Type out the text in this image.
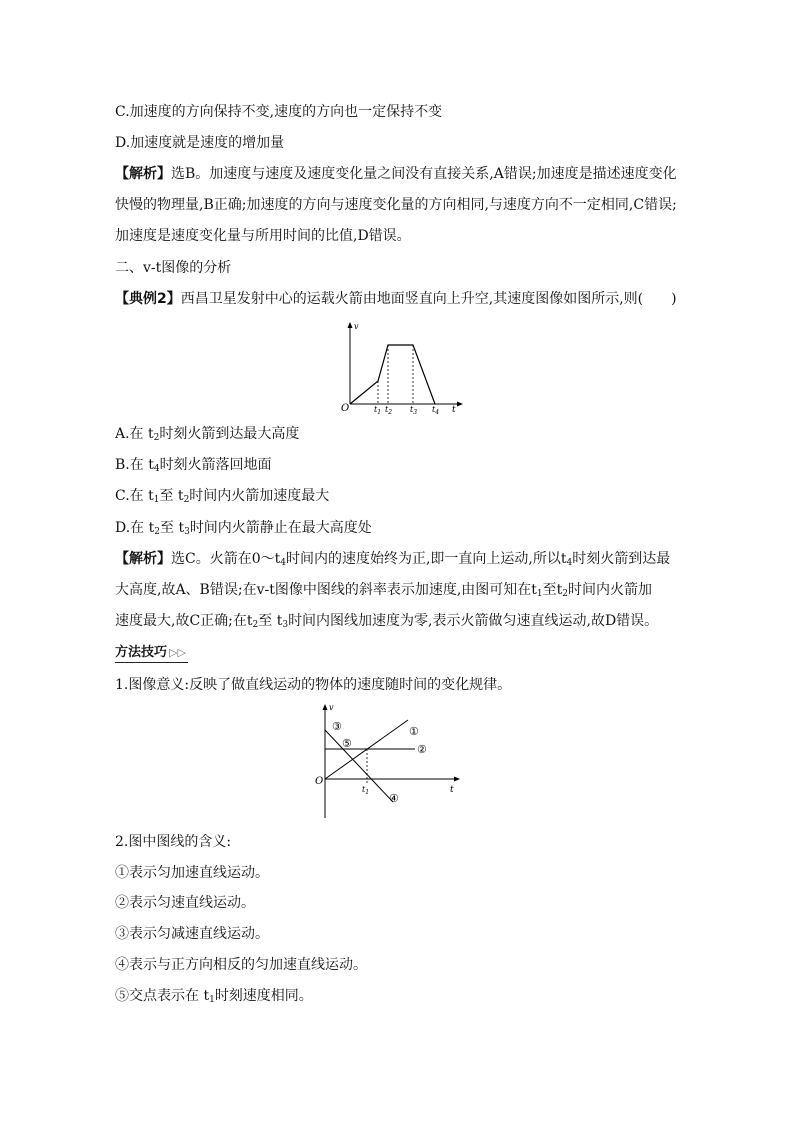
C.加速度的方向保持不变,速度的方向也一定保持不变
D.加速度就是速度的增加量
【解析】选B。加速度与速度及速度变化量之间没有直接关系,A错误;加速度是描述速度变化
快慢的物理量,B正确;加速度的方向与速度变化量的方向相同,与速度方向不一定相同,C错误;
加速度是速度变化量与所用时间的比值,D错误。
二、v-t图像的分析
【典例2】西昌卫星发射中心的运载火箭由地面竖直向上升空,其速度图像如图所示,则(　　)
v
O	t
$t_1$ $t_2$ $t_3$ $t_4$
A.在 $t_2$时刻火箭到达最大高度
B.在 $t_4$时刻火箭落回地面
C.在 $t_1$至 $t_2$时间内火箭加速度最大
D.在 $t_2$至 $t_3$时间内火箭静止在最大高度处
【解析】选C。火箭在$0\sim t_4$时间内的速度始终为正,即一直向上运动,所以$t_4$时刻火箭到达最
大高度,故A、B错误;在v-t图像中图线的斜率表示加速度,由图可知在$t_1$至$t_2$时间内火箭加
速度最大,故C正确;在$t_2$至 $t_3$时间内图线加速度为零,表示火箭做匀速直线运动,故D错误。
方法技巧 ▷▷
1.图像意义:反映了做直线运动的物体的速度随时间的变化规律。
v
O
t
$t_1$
①
②
③
④
⑤
2.图中图线的含义:
①表示匀加速直线运动。
②表示匀速直线运动。
③表示匀减速直线运动。
④表示与正方向相反的匀加速直线运动。
⑤交点表示在 $t_1$时刻速度相同。
